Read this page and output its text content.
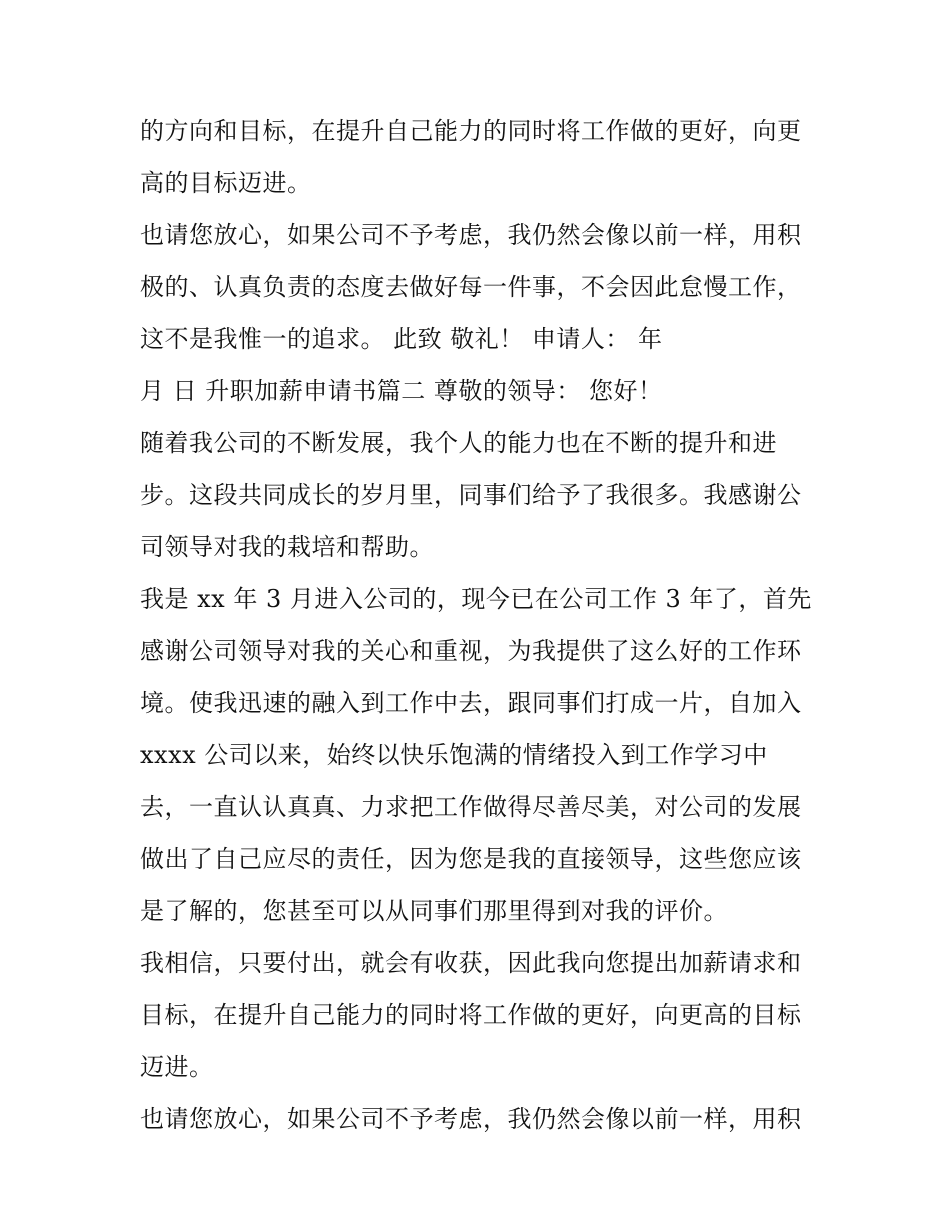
的方向和目标，在提升自己能力的同时将工作做的更好，向更
高的目标迈进。
也请您放心，如果公司不予考虑，我仍然会像以前一样，用积
极的、认真负责的态度去做好每一件事，不会因此怠慢工作，
这不是我惟一的追求。 此致 敬礼！ 申请人： 年
月 日 升职加薪申请书篇二 尊敬的领导： 您好！
随着我公司的不断发展，我个人的能力也在不断的提升和进
步。这段共同成长的岁月里，同事们给予了我很多。我感谢公
司领导对我的栽培和帮助。
我是 xx 年 3 月进入公司的，现今已在公司工作 3 年了，首先
感谢公司领导对我的关心和重视，为我提供了这么好的工作环
境。使我迅速的融入到工作中去，跟同事们打成一片，自加入
xxxx 公司以来，始终以快乐饱满的情绪投入到工作学习中
去，一直认认真真、力求把工作做得尽善尽美，对公司的发展
做出了自己应尽的责任，因为您是我的直接领导，这些您应该
是了解的，您甚至可以从同事们那里得到对我的评价。
我相信，只要付出，就会有收获，因此我向您提出加薪请求和
目标，在提升自己能力的同时将工作做的更好，向更高的目标
迈进。
也请您放心，如果公司不予考虑，我仍然会像以前一样，用积
